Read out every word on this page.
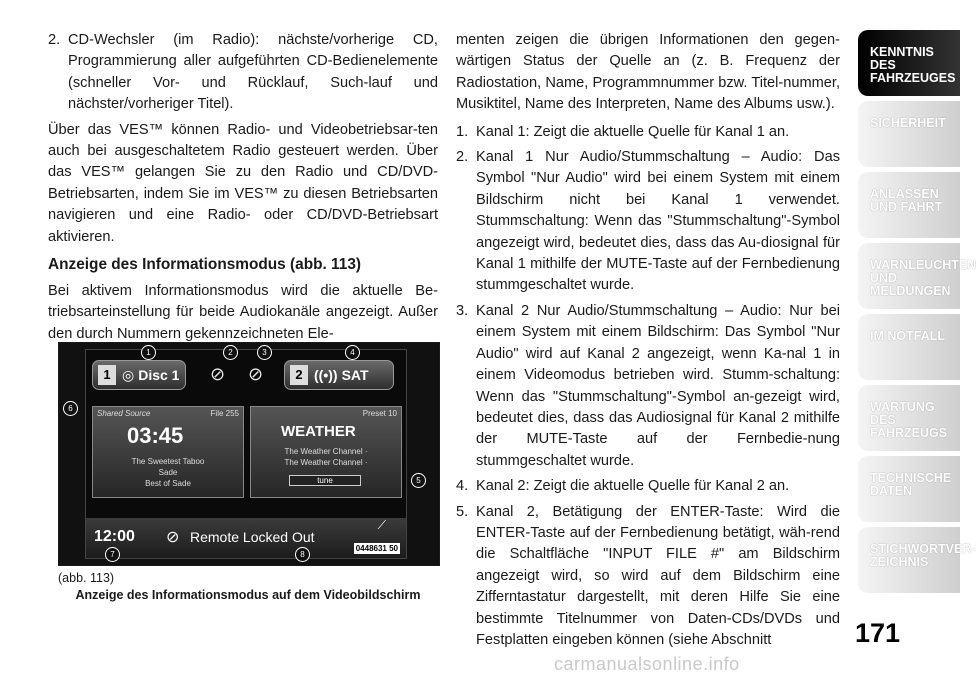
2. CD-Wechsler (im Radio): nächste/vorherige CD, Programmierung aller aufgeführten CD-Bedienelemente (schneller Vor- und Rücklauf, Such-lauf und nächster/vorheriger Titel).

Über das VES™ können Radio- und Videobetriebsar-ten auch bei ausgeschaltetem Radio gesteuert werden. Über das VES™ gelangen Sie zu den Radio und CD/DVD-Betriebsarten, indem Sie im VES™ zu diesen Betriebsarten navigieren und eine Radio- oder CD/DVD-Betriebsart aktivieren.

Anzeige des Informationsmodus (abb. 113)

Bei aktivem Informationsmodus wird die aktuelle Be-triebsarteinstellung für beide Audiokanäle angezeigt. Außer den durch Nummern gekennzeichneten Ele-

1 ◎ Disc 1 ⊘ ⊘	2 ((•)) SAT
Shared Source	File 255
03:45
The Sweetest Taboo
Sade
Best of Sade
Preset 10
WEATHER
The Weather Channel ·
The Weather Channel ·
tune
12:00 ⊘ Remote Locked Out
⟋
0448631 50
1	2	3	4
5
6
7	8
(abb. 113)
Anzeige des Informationsmodus auf dem Videobildschirm

menten zeigen die übrigen Informationen den gegen-wärtigen Status der Quelle an (z. B. Frequenz der Radiostation, Name, Programmnummer bzw. Titel-nummer, Musiktitel, Name des Interpreten, Name des Albums usw.).

1. Kanal 1: Zeigt die aktuelle Quelle für Kanal 1 an.
2. Kanal 1 Nur Audio/Stummschaltung – Audio: Das Symbol "Nur Audio" wird bei einem System mit einem Bildschirm nicht bei Kanal 1 verwendet. Stummschaltung: Wenn das "Stummschaltung"-Symbol angezeigt wird, bedeutet dies, dass das Au-diosignal für Kanal 1 mithilfe der MUTE-Taste auf der Fernbedienung stummgeschaltet wurde.
3. Kanal 2 Nur Audio/Stummschaltung – Audio: Nur bei einem System mit einem Bildschirm: Das Symbol "Nur Audio" wird auf Kanal 2 angezeigt, wenn Ka-nal 1 in einem Videomodus betrieben wird. Stumm-schaltung: Wenn das "Stummschaltung"-Symbol an-gezeigt wird, bedeutet dies, dass das Audiosignal für Kanal 2 mithilfe der MUTE-Taste auf der Fernbedie-nung stummgeschaltet wurde.
4. Kanal 2: Zeigt die aktuelle Quelle für Kanal 2 an.
5. Kanal 2, Betätigung der ENTER-Taste: Wird die ENTER-Taste auf der Fernbedienung betätigt, wäh-rend die Schaltfläche "INPUT FILE #" am Bildschirm angezeigt wird, so wird auf dem Bildschirm eine Zifferntastatur dargestellt, mit deren Hilfe Sie eine bestimmte Titelnummer von Daten-CDs/DVDs und Festplatten eingeben können (siehe Abschnitt
KENNTNIS DES FAHRZEUGES
SICHERHEIT
ANLASSEN UND FAHRT
WARNLEUCHTEN UND MELDUNGEN
IM NOTFALL
WARTUNG DES FAHRZEUGS
TECHNISCHE DATEN
STICHWORTVER-ZEICHNIS
171
carmanualsonline.info
